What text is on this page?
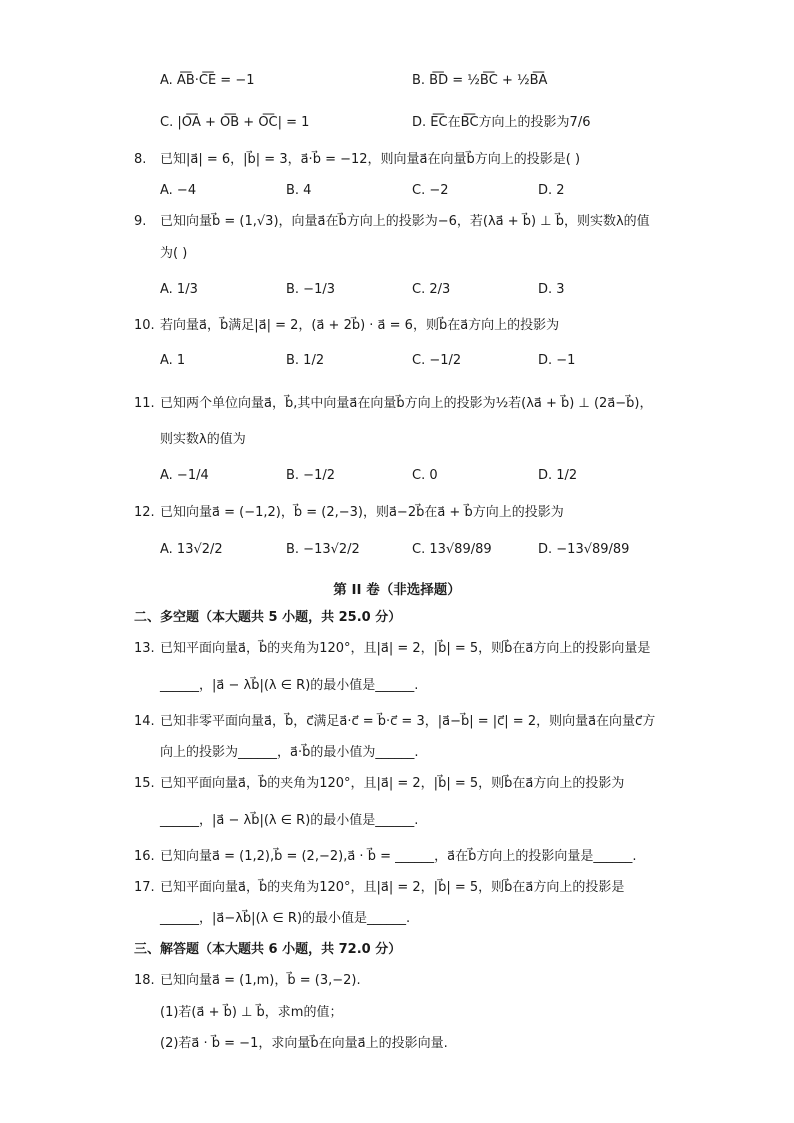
A. A͞B·C͞E = −1	B. B͞D = ½B͞C + ½B͞A
C. |O͞A + O͞B + O͞C| = 1	D. E͞C在B͞C方向上的投影为7/6
8. 已知|a⃗| = 6，|b⃗| = 3，a⃗·b⃗ = −12，则向量a⃗在向量b⃗方向上的投影是( )
A. −4	B. 4	C. −2	D. 2
9. 已知向量b⃗ = (1,√3)，向量a⃗在b⃗方向上的投影为−6，若(λa⃗ + b⃗) ⊥ b⃗，则实数λ的值
为( )
A. 1/3	B. −1/3	C. 2/3	D. 3
10. 若向量a⃗，b⃗满足|a⃗| = 2，(a⃗ + 2b⃗) · a⃗ = 6，则b⃗在a⃗方向上的投影为
A. 1	B. 1/2	C. −1/2	D. −1
11. 已知两个单位向量a⃗，b⃗,其中向量a⃗在向量b⃗方向上的投影为½若(λa⃗ + b⃗) ⊥ (2a⃗−b⃗)，
则实数λ的值为
A. −1/4	B. −1/2	C. 0	D. 1/2
12. 已知向量a⃗ = (−1,2)，b⃗ = (2,−3)，则a⃗−2b⃗在a⃗ + b⃗方向上的投影为
A. 13√2/2	B. −13√2/2	C. 13√89/89	D. −13√89/89
第 II 卷（非选择题）
二、多空题（本大题共 5 小题，共 25.0 分）
13. 已知平面向量a⃗，b⃗的夹角为120°，且|a⃗| = 2，|b⃗| = 5，则b⃗在a⃗方向上的投影向量是
______，|a⃗ − λb⃗|(λ ∈ R)的最小值是______.
14. 已知非零平面向量a⃗，b⃗，c⃗满足a⃗·c⃗ = b⃗·c⃗ = 3，|a⃗−b⃗| = |c⃗| = 2，则向量a⃗在向量c⃗方
向上的投影为______，a⃗·b⃗的最小值为______.
15. 已知平面向量a⃗，b⃗的夹角为120°，且|a⃗| = 2，|b⃗| = 5，则b⃗在a⃗方向上的投影为
______，|a⃗ − λb⃗|(λ ∈ R)的最小值是______.
16. 已知向量a⃗ = (1,2),b⃗ = (2,−2),a⃗ · b⃗ = ______，a⃗在b⃗方向上的投影向量是______.
17. 已知平面向量a⃗，b⃗的夹角为120°，且|a⃗| = 2，|b⃗| = 5，则b⃗在a⃗方向上的投影是
______，|a⃗−λb⃗|(λ ∈ R)的最小值是______.
三、解答题（本大题共 6 小题，共 72.0 分）
18. 已知向量a⃗ = (1,m)，b⃗ = (3,−2).
(1)若(a⃗ + b⃗) ⊥ b⃗，求m的值；
(2)若a⃗ · b⃗ = −1，求向量b⃗在向量a⃗上的投影向量.
